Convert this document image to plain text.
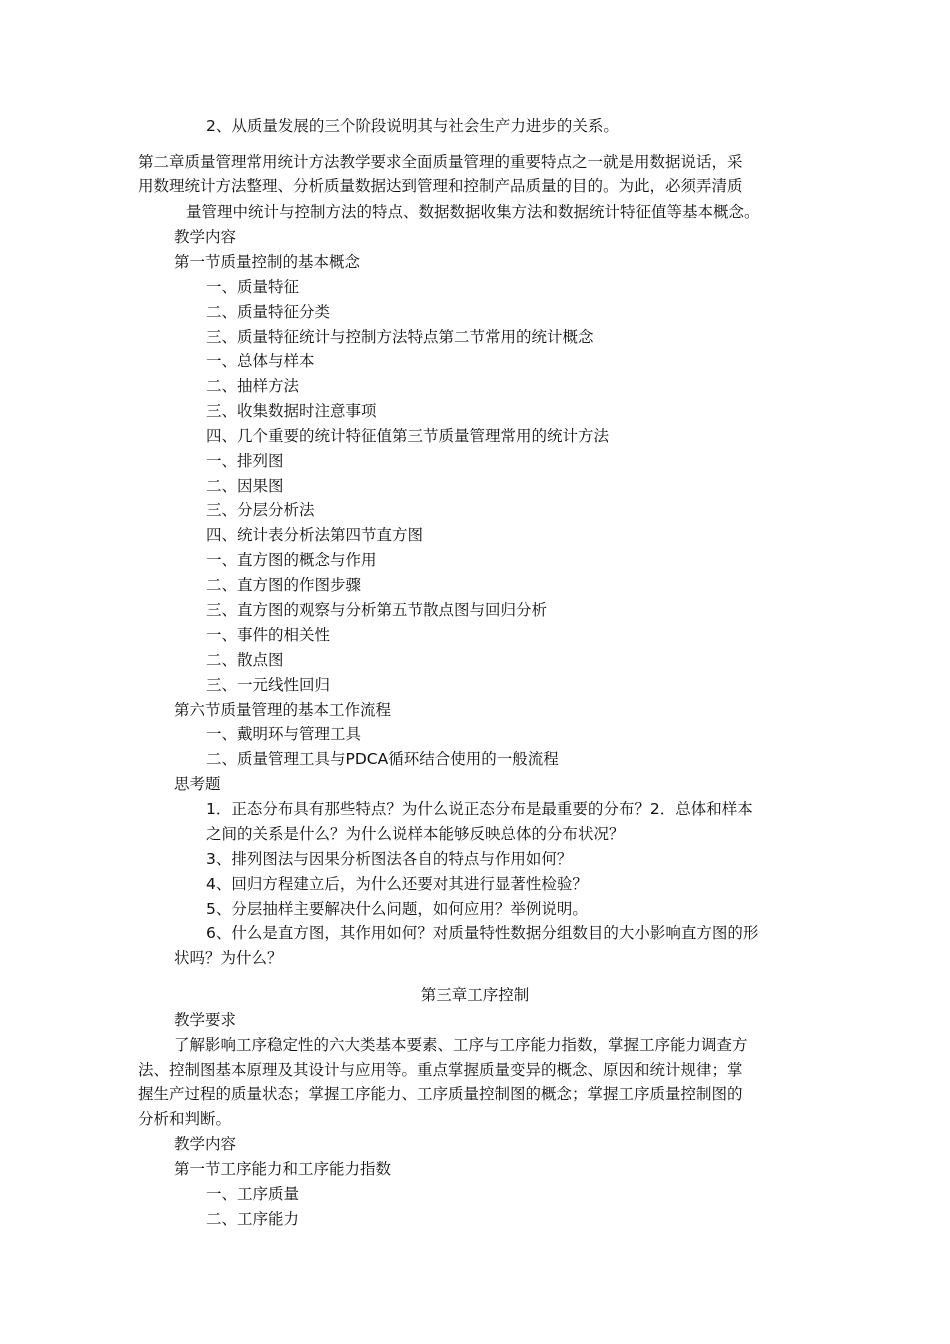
2、从质量发展的三个阶段说明其与社会生产力进步的关系。
第二章质量管理常用统计方法教学要求全面质量管理的重要特点之一就是用数据说话，采
用数理统计方法整理、分析质量数据达到管理和控制产品质量的目的。为此，必须弄清质
量管理中统计与控制方法的特点、数据数据收集方法和数据统计特征值等基本概念。
教学内容
第一节质量控制的基本概念
一、质量特征
二、质量特征分类
三、质量特征统计与控制方法特点第二节常用的统计概念
一、总体与样本
二、抽样方法
三、收集数据时注意事项
四、几个重要的统计特征值第三节质量管理常用的统计方法
一、排列图
二、因果图
三、分层分析法
四、统计表分析法第四节直方图
一、直方图的概念与作用
二、直方图的作图步骤
三、直方图的观察与分析第五节散点图与回归分析
一、事件的相关性
二、散点图
三、一元线性回归
第六节质量管理的基本工作流程
一、戴明环与管理工具
二、质量管理工具与PDCA循环结合使用的一般流程
思考题
1．正态分布具有那些特点？为什么说正态分布是最重要的分布？2．总体和样本
之间的关系是什么？为什么说样本能够反映总体的分布状况？
3、排列图法与因果分析图法各自的特点与作用如何？
4、回归方程建立后，为什么还要对其进行显著性检验？
5、分层抽样主要解决什么问题，如何应用？举例说明。
6、什么是直方图，其作用如何？对质量特性数据分组数目的大小影响直方图的形
状吗？为什么？
第三章工序控制
教学要求
了解影响工序稳定性的六大类基本要素、工序与工序能力指数，掌握工序能力调查方
法、控制图基本原理及其设计与应用等。重点掌握质量变异的概念、原因和统计规律；掌
握生产过程的质量状态；掌握工序能力、工序质量控制图的概念；掌握工序质量控制图的
分析和判断。
教学内容
第一节工序能力和工序能力指数
一、工序质量
二、工序能力
